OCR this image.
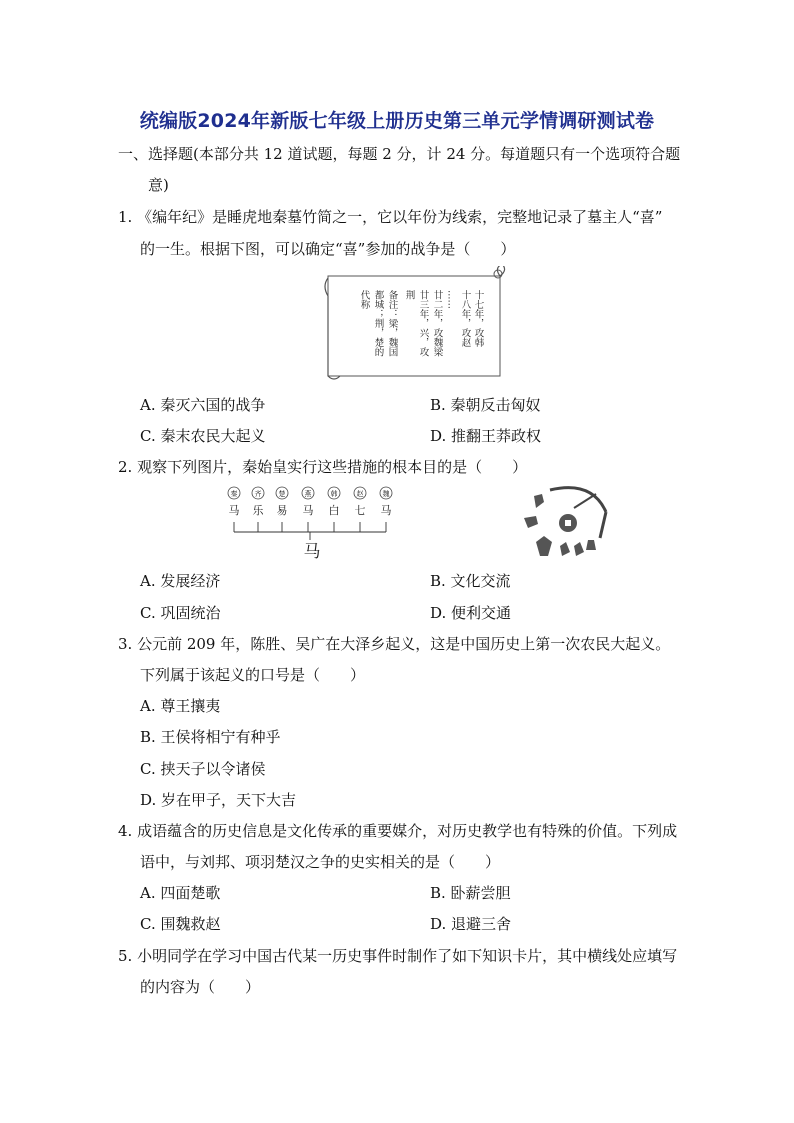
统编版2024年新版七年级上册历史第三单元学情调研测试卷
一、选择题(本部分共 12 道试题，每题 2 分，计 24 分。每道题只有一个选项符合题
意)
1. 《编年纪》是睡虎地秦墓竹简之一，它以年份为线索，完整地记录了墓主人“喜”
的一生。根据下图，可以确定“喜”参加的战争是（　　）
十七年，攻韩
十八年，攻赵
……
廿二年，攻魏梁
廿三年，兴，攻
荆
备注：梁，魏国
都城；荆，楚的
代称
A. 秦灭六国的战争	B. 秦朝反击匈奴
C. 秦末农民大起义	D. 推翻王莽政权
2. 观察下列图片，秦始皇实行这些措施的根本目的是（　　）
秦 齐 楚	燕	韩	赵	魏
马 乐 易 马 白 七 马
马
A. 发展经济	B. 文化交流
C. 巩固统治	D. 便利交通
3. 公元前 209 年，陈胜、吴广在大泽乡起义，这是中国历史上第一次农民大起义。
下列属于该起义的口号是（　　）
A. 尊王攘夷
B. 王侯将相宁有种乎
C. 挟天子以令诸侯
D. 岁在甲子，天下大吉
4. 成语蕴含的历史信息是文化传承的重要媒介，对历史教学也有特殊的价值。下列成
语中，与刘邦、项羽楚汉之争的史实相关的是（　　）
A. 四面楚歌	B. 卧薪尝胆
C. 围魏救赵	D. 退避三舍
5. 小明同学在学习中国古代某一历史事件时制作了如下知识卡片，其中横线处应填写
的内容为（　　）
